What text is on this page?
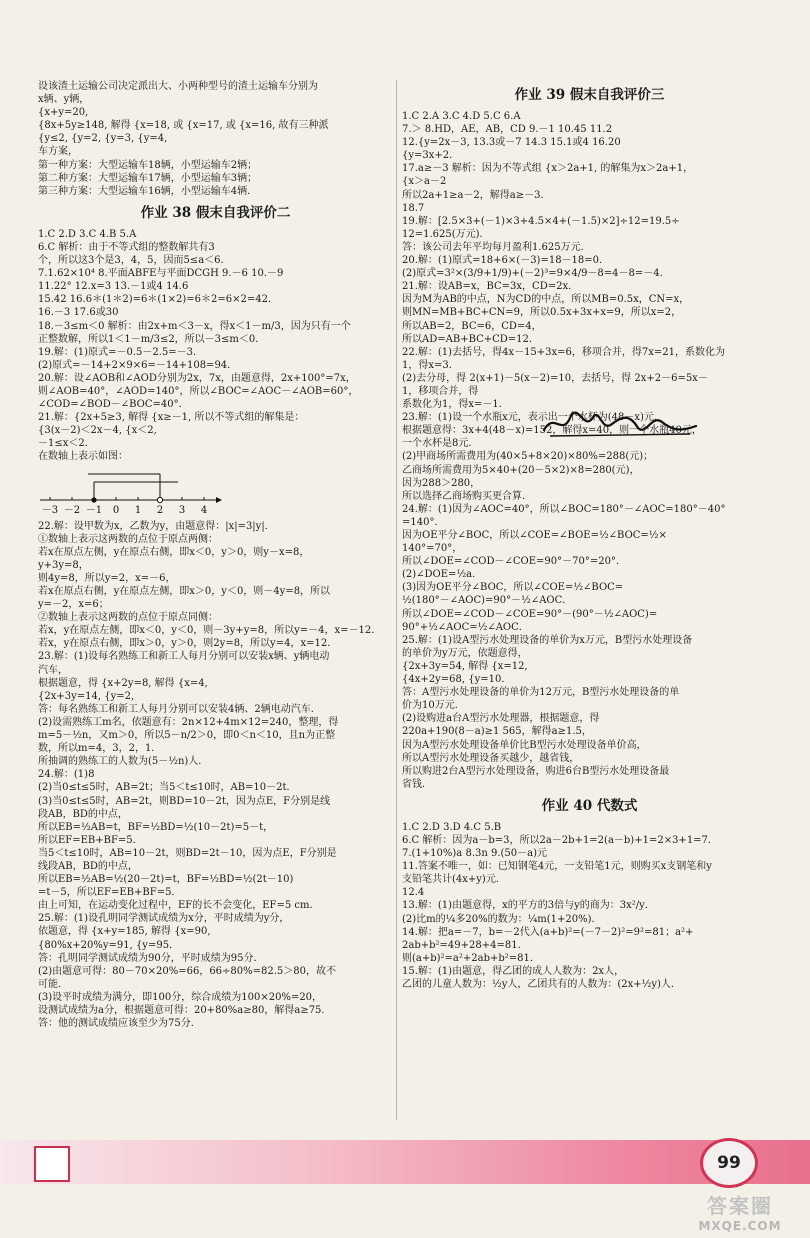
设该渣土运输公司决定派出大、小两种型号的渣土运输车分别为
x辆、y辆，
{x+y=20,
{8x+5y≥148, 解得 {x=18, 或 {x=17, 或 {x=16, 故有三种派
{y≤2, {y=2, {y=3, {y=4,
车方案，
第一种方案：大型运输车18辆，小型运输车2辆；
第二种方案：大型运输车17辆，小型运输车3辆；
第三种方案：大型运输车16辆，小型运输车4辆．
作业 38 假末自我评价二
1.C 2.D 3.C 4.B 5.A
6.C 解析：由于不等式组的整数解共有3
个，所以这3个是3，4，5，因而5≤a＜6．
7.1.62×10⁴ 8.平面ABFE与平面DCGH 9.－6 10.－9
11.22° 12.x=3 13.－1或4 14.6
15.42 16.6＊(1＊2)=6＊(1×2)=6＊2=6×2=42．
16.－3 17.6或30
18.－3≤m＜0 解析：由2x+m＜3－x，得x＜1－m/3，因为只有一个
正整数解，所以1＜1－m/3≤2，所以－3≤m＜0．
19.解：(1)原式=－0.5－2.5=－3．
(2)原式=－14+2×9×6=－14+108=94．
20.解：设∠AOB和∠AOD分别为2x，7x，由题意得，2x+100°=7x，
则∠AOB=40°，∠AOD=140°，所以∠BOC=∠AOC－∠AOB=60°，
∠COD=∠BOD－∠BOC=40°．
21.解：{2x+5≥3, 解得 {x≥－1, 所以不等式组的解集是：
{3(x－2)＜2x－4, {x＜2,
－1≤x＜2．
在数轴上表示如图：
－3 －2 －1 0 1 2 3 4
22.解：设甲数为x，乙数为y，由题意得：|x|=3|y|．
①数轴上表示这两数的点位于原点两侧：
若x在原点左侧，y在原点右侧，即x＜0，y＞0，则y－x=8，
y+3y=8，
则4y=8，所以y=2，x=－6，
若x在原点右侧，y在原点左侧，即x＞0，y＜0，则－4y=8，所以
y=－2，x=6；
②数轴上表示这两数的点位于原点同侧：
若x，y在原点左侧，即x＜0，y＜0，则－3y+y=8，所以y=－4，x=－12．
若x，y在原点右侧，即x＞0，y＞0，则2y=8，所以y=4，x=12．
23.解：(1)设每名熟练工和新工人每月分别可以安装x辆、y辆电动
汽车，
根据题意，得 {x+2y=8, 解得 {x=4,
{2x+3y=14, {y=2,
答：每名熟练工和新工人每月分别可以安装4辆、2辆电动汽车．
(2)设需熟练工m名，依题意有：2n×12+4m×12=240，整理，得
m=5－½n，又m＞0，所以5－n/2＞0，即0＜n＜10，且n为正整
数，所以m=4，3，2，1．
所抽调的熟练工的人数为(5－½n)人．
24.解：(1)8
(2)当0≤t≤5时，AB=2t；当5＜t≤10时，AB=10－2t．
(3)当0≤t≤5时，AB=2t，则BD=10－2t，因为点E，F分别是线
段AB，BD的中点，
所以EB=½AB=t，BF=½BD=½(10－2t)=5－t，
所以EF=EB+BF=5．
当5＜t≤10时，AB=10－2t，则BD=2t－10，因为点E，F分别是
线段AB，BD的中点，
所以EB=½AB=½(20－2t)=t，BF=½BD=½(2t－10)
=t－5，所以EF=EB+BF=5．
由上可知，在运动变化过程中，EF的长不会变化，EF=5 cm．
25.解：(1)设孔明同学测试成绩为x分，平时成绩为y分，
依题意，得 {x+y=185, 解得 {x=90,
{80%x+20%y=91, {y=95．
答：孔明同学测试成绩为90分，平时成绩为95分．
(2)由题意可得：80－70×20%=66，66÷80%=82.5＞80，故不
可能．
(3)设平时成绩为满分，即100分，综合成绩为100×20%=20，
设测试成绩为a分，根据题意可得：20+80%a≥80，解得a≥75．
答：他的测试成绩应该至少为75分．
作业 39 假末自我评价三
1.C 2.A 3.C 4.D 5.C 6.A
7.＞ 8.HD，AE，AB，CD 9.－1 10.45 11.2
12.{y=2x－3, 13.3或－7 14.3 15.1或4 16.20
{y=3x+2．
17.a≥－3 解析：因为不等式组 {x＞2a+1, 的解集为x＞2a+1，
{x＞a－2
所以2a+1≥a－2，解得a≥－3．
18.7
19.解：[2.5×3+(－1)×3+4.5×4+(－1.5)×2]÷12=19.5÷
12=1.625(万元)．
答：该公司去年平均每月盈利1.625万元．
20.解：(1)原式=18+6×(－3)=18－18=0．
(2)原式=3²×(3/9+1/9)+(－2)³=9×4/9－8=4－8=－4．
21.解：设AB=x，BC=3x，CD=2x．
因为M为AB的中点，N为CD的中点，所以MB=0.5x，CN=x，
则MN=MB+BC+CN=9，所以0.5x+3x+x=9，所以x=2，
所以AB=2，BC=6，CD=4，
所以AD=AB+BC+CD=12．
22.解：(1)去括号，得4x－15+3x=6，移项合并，得7x=21，系数化为
1，得x=3．
(2)去分母，得 2(x+1)－5(x－2)=10，去括号，得 2x+2－6=5x－
1，移项合并，得
系数化为1，得x=－1．
23.解：(1)设一个水瓶x元，表示出一个水杯为(48－x)元，
根据题意得：3x+4(48－x)=152，解得x=40，则一个水瓶40元，
一个水杯是8元．
(2)甲商场所需费用为(40×5+8×20)×80%=288(元)；
乙商场所需费用为5×40+(20－5×2)×8=280(元)，
因为288＞280，
所以选择乙商场购买更合算．
24.解：(1)因为∠AOC=40°，所以∠BOC=180°－∠AOC=180°－40°
=140°．
因为OE平分∠BOC，所以∠COE=∠BOE=½∠BOC=½×
140°=70°，
所以∠DOE=∠COD－∠COE=90°－70°=20°．
(2)∠DOE=½a．
(3)因为OE平分∠BOC，所以∠COE=½∠BOC=
½(180°－∠AOC)=90°－½∠AOC．
所以∠DOE=∠COD－∠COE=90°－(90°－½∠AOC)=
90°+½∠AOC=½∠AOC．
25.解：(1)设A型污水处理设备的单价为x万元，B型污水处理设备
的单价为y万元，依题意得，
{2x+3y=54, 解得 {x=12,
{4x+2y=68, {y=10．
答：A型污水处理设备的单价为12万元，B型污水处理设备的单
价为10万元．
(2)设购进a台A型污水处理器，根据题意，得
220a+190(8－a)≥1 565，解得a≥1.5，
因为A型污水处理设备单价比B型污水处理设备单价高，
所以A型污水处理设备买越少，越省钱，
所以购进2台A型污水处理设备，购进6台B型污水处理设备最
省钱．
作业 40 代数式
1.C 2.D 3.D 4.C 5.B
6.C 解析：因为a－b=3，所以2a－2b+1=2(a－b)+1=2×3+1=7．
7.(1+10%)a 8.3n 9.(50－a)元
11.答案不唯一，如：已知钢笔4元，一支铅笔1元，则购买x支钢笔和y
支铅笔共计(4x+y)元．
12.4
13.解：(1)由题意得，x的平方的3倍与y的商为：3x²/y．
(2)比m的¼多20%的数为：¼m(1+20%)．
14.解：把a=－7，b=－2代入(a+b)²=(－7－2)²=9²=81；a²+
2ab+b²=49+28+4=81．
则(a+b)²=a²+2ab+b²=81．
15.解：(1)由题意，得乙团的成人人数为：2x人，
乙团的儿童人数为：½y人，乙团共有的人数为：(2x+½y)人．
99
答案圈
MXQE.COM
